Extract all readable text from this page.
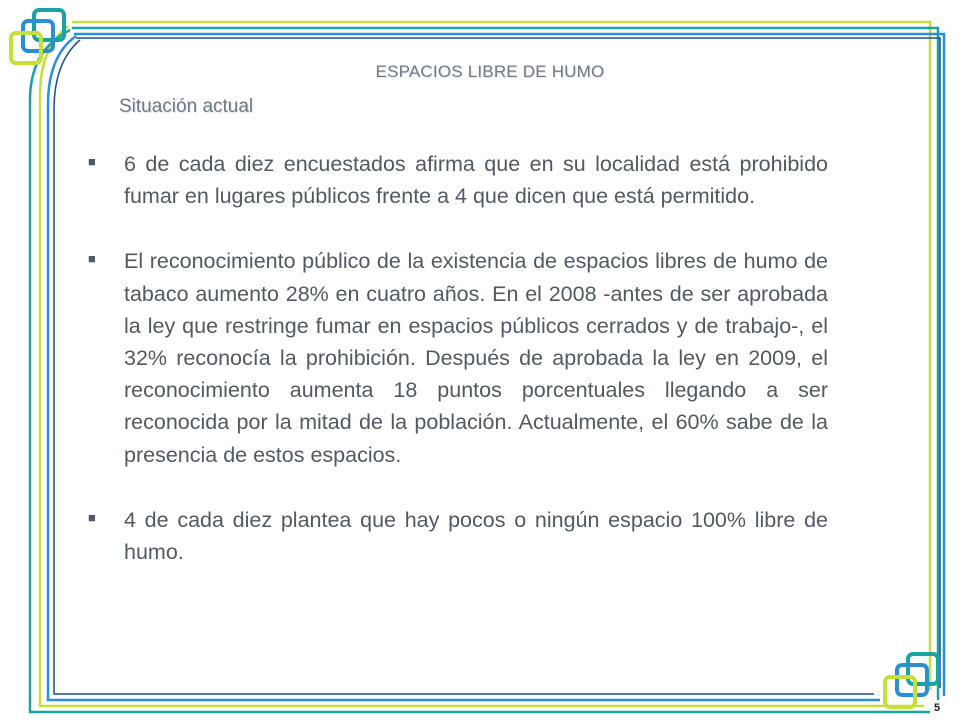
ESPACIOS LIBRE DE HUMO
Situación actual
■ 6 de cada diez encuestados afirma que en su localidad está prohibido fumar en lugares públicos frente a 4 que dicen que está permitido.
■ El reconocimiento público de la existencia de espacios libres de humo de tabaco aumento 28% en cuatro años. En el 2008 -antes de ser aprobada la ley que restringe fumar en espacios públicos cerrados y de trabajo-, el 32% reconocía la prohibición. Después de aprobada la ley en 2009, el reconocimiento aumenta 18 puntos porcentuales llegando a ser reconocida por la mitad de la población. Actualmente, el 60% sabe de la presencia de estos espacios.
■ 4 de cada diez plantea que hay pocos o ningún espacio 100% libre de humo.
5
